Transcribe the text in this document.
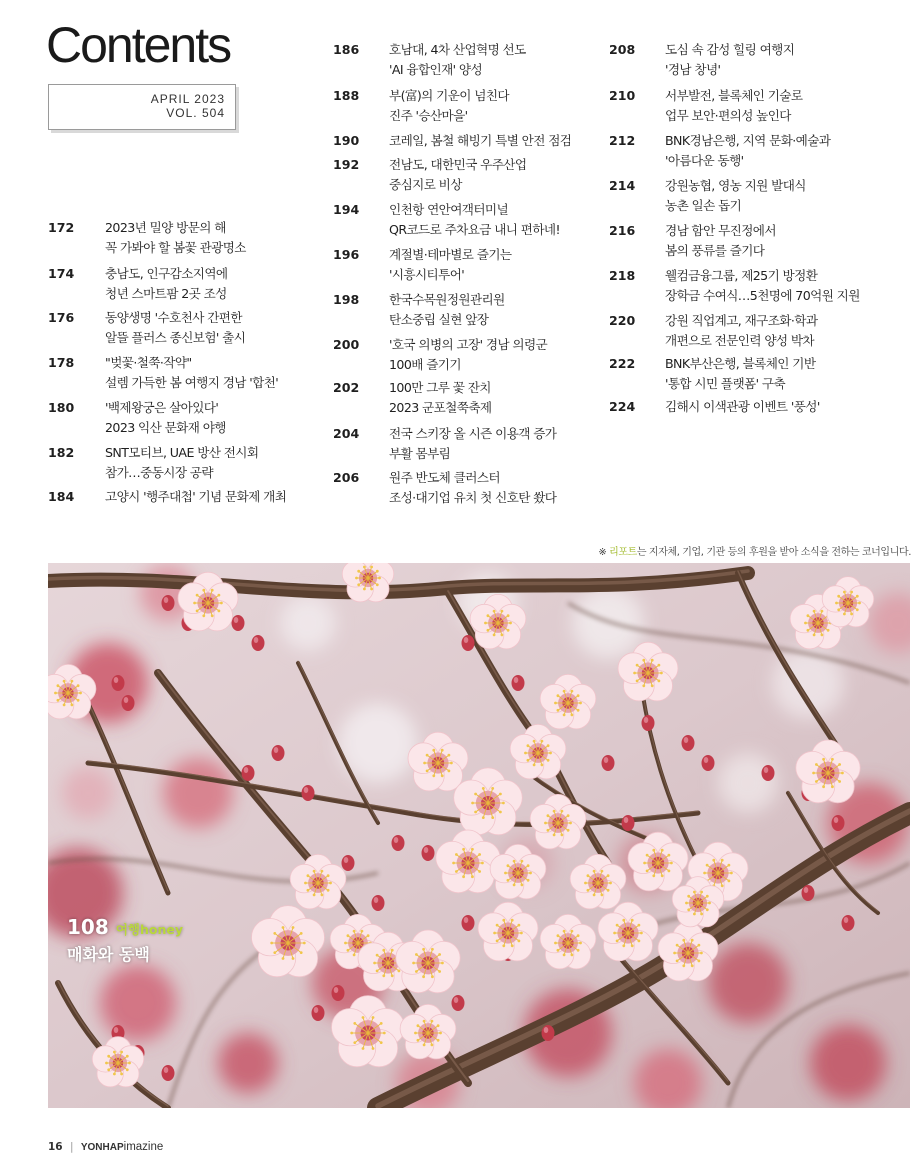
Contents
APRIL 2023
VOL. 504
172 2023년 밀양 방문의 해
꼭 가봐야 할 봄꽃 관광명소
174 충남도, 인구감소지역에
청년 스마트팜 2곳 조성
176 동양생명 '수호천사 간편한
알뜰 플러스 종신보험' 출시
178 "벚꽃·철쭉·작약"
설렘 가득한 봄 여행지 경남 '합천'
180 '백제왕궁은 살아있다'
2023 익산 문화재 야행
182 SNT모티브, UAE 방산 전시회
참가…중동시장 공략
184 고양시 '행주대첩' 기념 문화제 개최
186 호남대, 4차 산업혁명 선도
'AI 융합인재' 양성
188 부(富)의 기운이 넘친다
진주 '승산마을'
190 코레일, 봄철 해빙기 특별 안전 점검
192 전남도, 대한민국 우주산업
중심지로 비상
194 인천항 연안여객터미널
QR코드로 주차요금 내니 편하네!
196 계절별·테마별로 즐기는
'시흥시티투어'
198 한국수목원정원관리원
탄소중립 실현 앞장
200 '호국 의병의 고장' 경남 의령군
100배 즐기기
202 100만 그루 꽃 잔치
2023 군포철쭉축제
204 전국 스키장 올 시즌 이용객 증가
부활 몸부림
206 원주 반도체 클러스터
조성·대기업 유치 첫 신호탄 쐈다
208 도심 속 감성 힐링 여행지
'경남 창녕'
210 서부발전, 블록체인 기술로
업무 보안·편의성 높인다
212 BNK경남은행, 지역 문화·예술과
'아름다운 동행'
214 강원농협, 영농 지원 발대식
농촌 일손 돕기
216 경남 함안 무진정에서
봄의 풍류를 즐기다
218 웰컴금융그룹, 제25기 방정환
장학금 수여식…5천명에 70억원 지원
220 강원 직업계고, 재구조화·학과
개편으로 전문인력 양성 박차
222 BNK부산은행, 블록체인 기반
'통합 시민 플랫폼' 구축
224 김해시 이색관광 이벤트 '풍성'
※ 리포트는 지자체, 기업, 기관 등의 후원을 받아 소식을 전하는 코너입니다.
108 여행honey
매화와 동백
16 | YONHAPimazine
